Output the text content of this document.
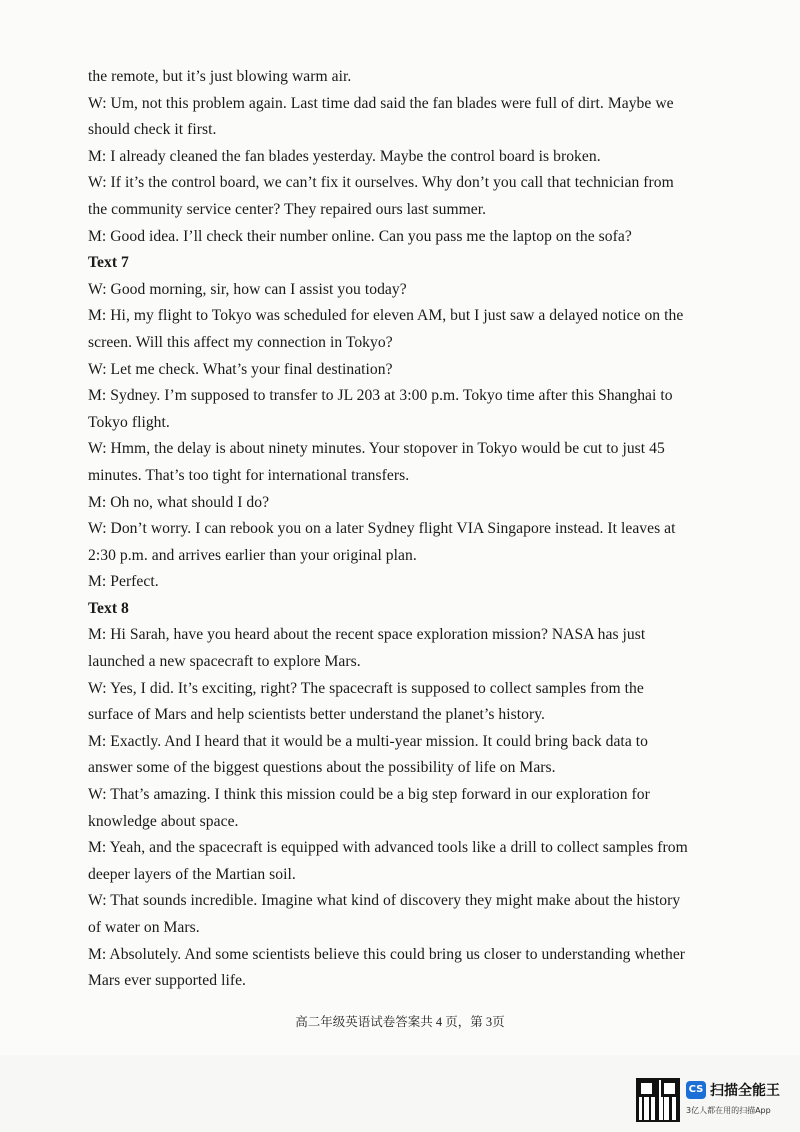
the remote, but it’s just blowing warm air.
W: Um, not this problem again. Last time dad said the fan blades were full of dirt. Maybe we
should check it first.
M: I already cleaned the fan blades yesterday. Maybe the control board is broken.
W: If it’s the control board, we can’t fix it ourselves. Why don’t you call that technician from
the community service center? They repaired ours last summer.
M: Good idea. I’ll check their number online. Can you pass me the laptop on the sofa?
Text 7
W: Good morning, sir, how can I assist you today?
M: Hi, my flight to Tokyo was scheduled for eleven AM, but I just saw a delayed notice on the
screen. Will this affect my connection in Tokyo?
W: Let me check. What’s your final destination?
M: Sydney. I’m supposed to transfer to JL 203 at 3:00 p.m. Tokyo time after this Shanghai to
Tokyo flight.
W: Hmm, the delay is about ninety minutes. Your stopover in Tokyo would be cut to just 45
minutes. That’s too tight for international transfers.
M: Oh no, what should I do?
W: Don’t worry. I can rebook you on a later Sydney flight VIA Singapore instead. It leaves at
2:30 p.m. and arrives earlier than your original plan.
M: Perfect.
Text 8
M: Hi Sarah, have you heard about the recent space exploration mission? NASA has just
launched a new spacecraft to explore Mars.
W: Yes, I did. It’s exciting, right? The spacecraft is supposed to collect samples from the
surface of Mars and help scientists better understand the planet’s history.
M: Exactly. And I heard that it would be a multi-year mission. It could bring back data to
answer some of the biggest questions about the possibility of life on Mars.
W: That’s amazing. I think this mission could be a big step forward in our exploration for
knowledge about space.
M: Yeah, and the spacecraft is equipped with advanced tools like a drill to collect samples from
deeper layers of the Martian soil.
W: That sounds incredible. Imagine what kind of discovery they might make about the history
of water on Mars.
M: Absolutely. And some scientists believe this could bring us closer to understanding whether
Mars ever supported life.
高二年级英语试卷答案共 4 页，第 3页
CS 扫描全能王
3亿人都在用的扫描App
